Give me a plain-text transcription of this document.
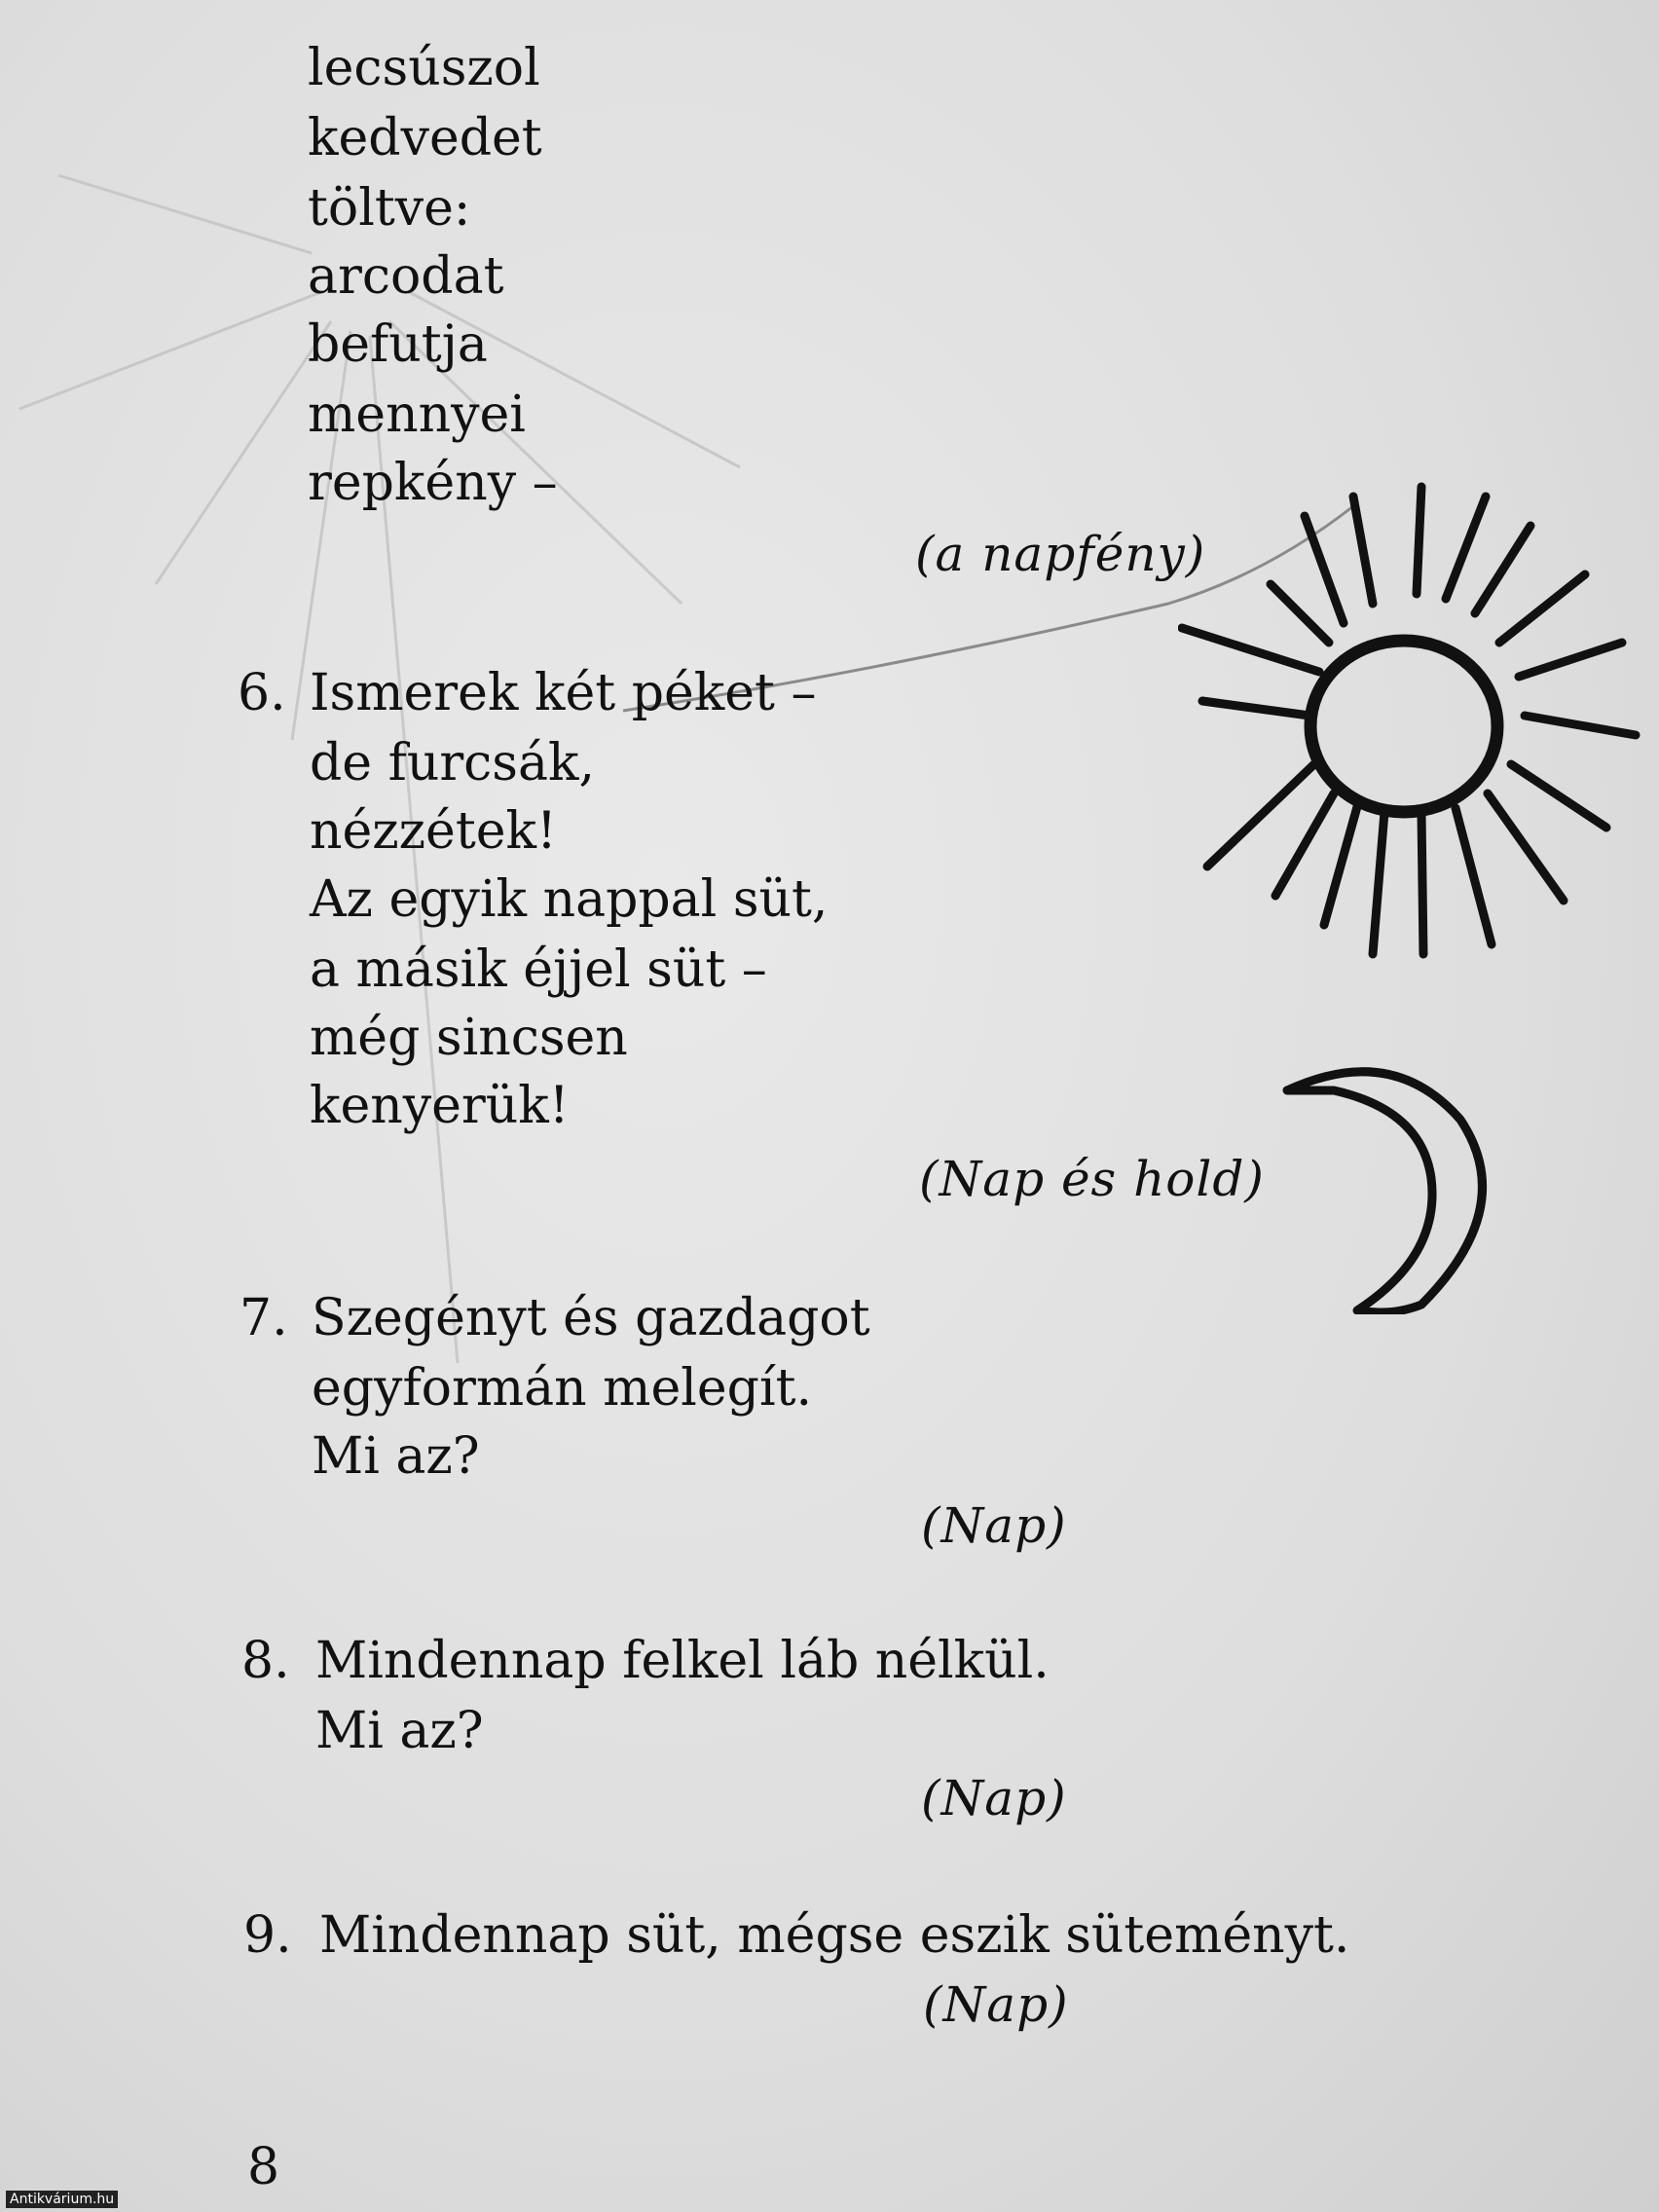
lecsúszol
kedvedet
töltve:
arcodat
befutja
mennyei
repkény –
(a napfény)
6. Ismerek két péket –
de furcsák,
nézzétek!
Az egyik nappal süt,
a másik éjjel süt –
még sincsen
kenyerük!
(Nap és hold)
7. Szegényt és gazdagot
egyformán melegít.
Mi az?
(Nap)
8. Mindennap felkel láb nélkül.
Mi az?
(Nap)
9. Mindennap süt, mégse eszik süteményt.
(Nap)
8
Antikvárium.hu
